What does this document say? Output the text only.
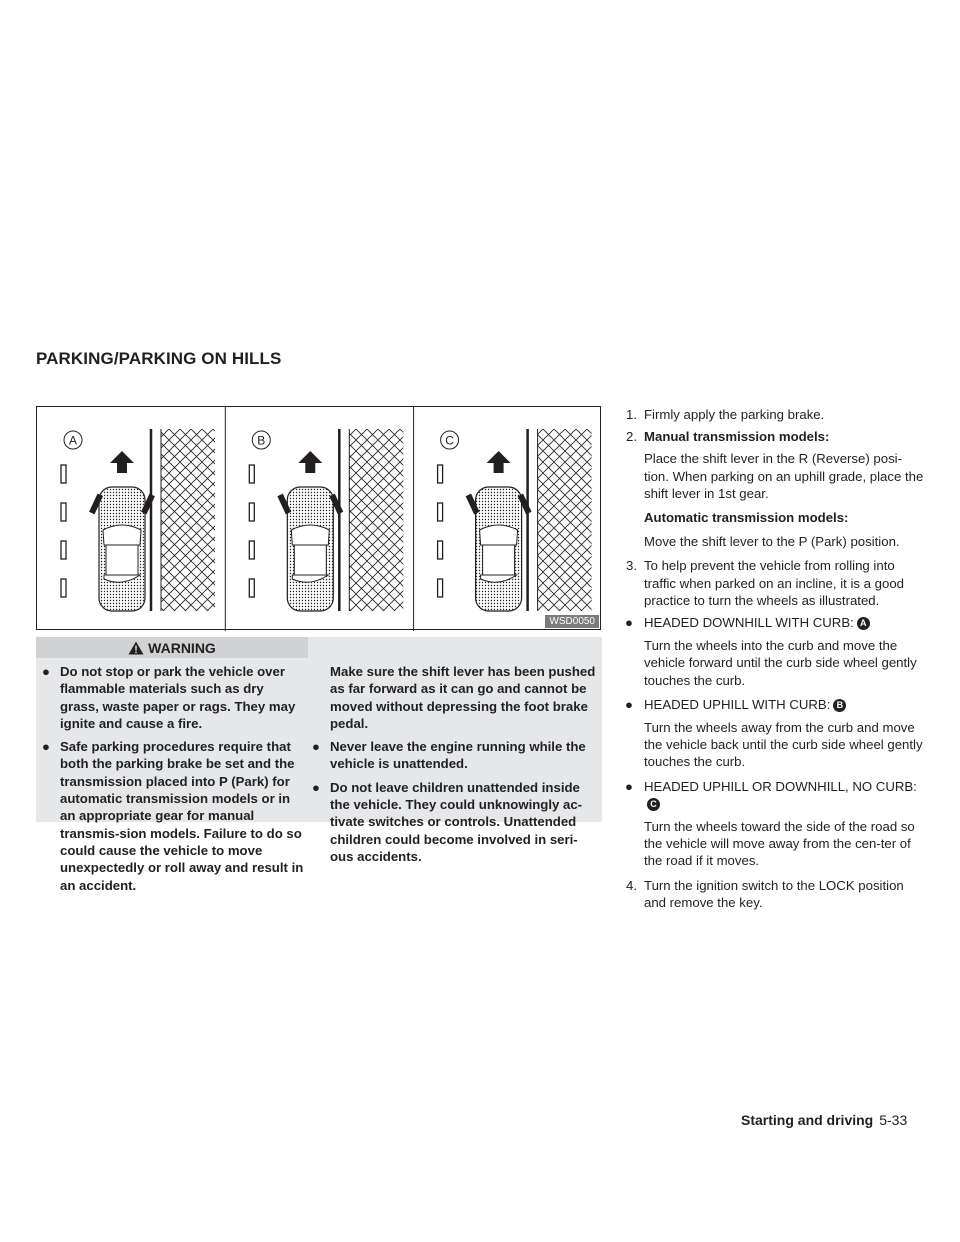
PARKING/PARKING ON HILLS
A	B	C
WSD0050
WARNING

● Do not stop or park the vehicle over flammable materials such as dry grass, waste paper or rags. They may ignite and cause a fire.

● Safe parking procedures require that both the parking brake be set and the transmission placed into P (Park) for automatic transmission models or in an appropriate gear for manual transmis-sion models. Failure to do so could cause the vehicle to move unexpectedly or roll away and result in an accident.

Make sure the shift lever has been pushed as far forward as it can go and cannot be moved without depressing the foot brake pedal.

● Never leave the engine running while the vehicle is unattended.

● Do not leave children unattended inside the vehicle. They could unknowingly ac-tivate switches or controls. Unattended children could become involved in seri-ous accidents.

1. Firmly apply the parking brake.
2. Manual transmission models:
Place the shift lever in the R (Reverse) posi-tion. When parking on an uphill grade, place the shift lever in 1st gear.
Automatic transmission models:
Move the shift lever to the P (Park) position.
3. To help prevent the vehicle from rolling into traffic when parked on an incline, it is a good practice to turn the wheels as illustrated.
● HEADED DOWNHILL WITH CURB: A
Turn the wheels into the curb and move the vehicle forward until the curb side wheel gently touches the curb.
● HEADED UPHILL WITH CURB: B
Turn the wheels away from the curb and move the vehicle back until the curb side wheel gently touches the curb.
● HEADED UPHILL OR DOWNHILL, NO CURB:C
Turn the wheels toward the side of the road so the vehicle will move away from the cen-ter of the road if it moves.
4. Turn the ignition switch to the LOCK position and remove the key.
Starting and driving 5-33
